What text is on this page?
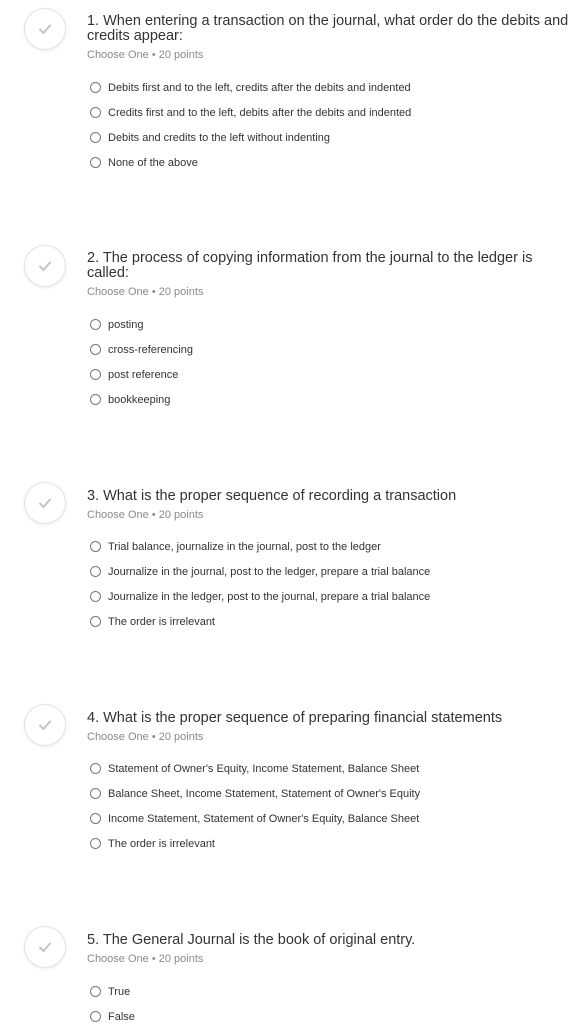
1. When entering a transaction on the journal, what order do the debits and credits appear:
Choose One • 20 points
Debits first and to the left, credits after the debits and indented
Credits first and to the left, debits after the debits and indented
Debits and credits to the left without indenting
None of the above
2. The process of copying information from the journal to the ledger is called:
Choose One • 20 points
posting
cross-referencing
post reference
bookkeeping
3. What is the proper sequence of recording a transaction
Choose One • 20 points
Trial balance, journalize in the journal, post to the ledger
Journalize in the journal, post to the ledger, prepare a trial balance
Journalize in the ledger, post to the journal, prepare a trial balance
The order is irrelevant
4. What is the proper sequence of preparing financial statements
Choose One • 20 points
Statement of Owner's Equity, Income Statement, Balance Sheet
Balance Sheet, Income Statement, Statement of Owner's Equity
Income Statement, Statement of Owner's Equity, Balance Sheet
The order is irrelevant
5. The General Journal is the book of original entry.
Choose One • 20 points
True
False
